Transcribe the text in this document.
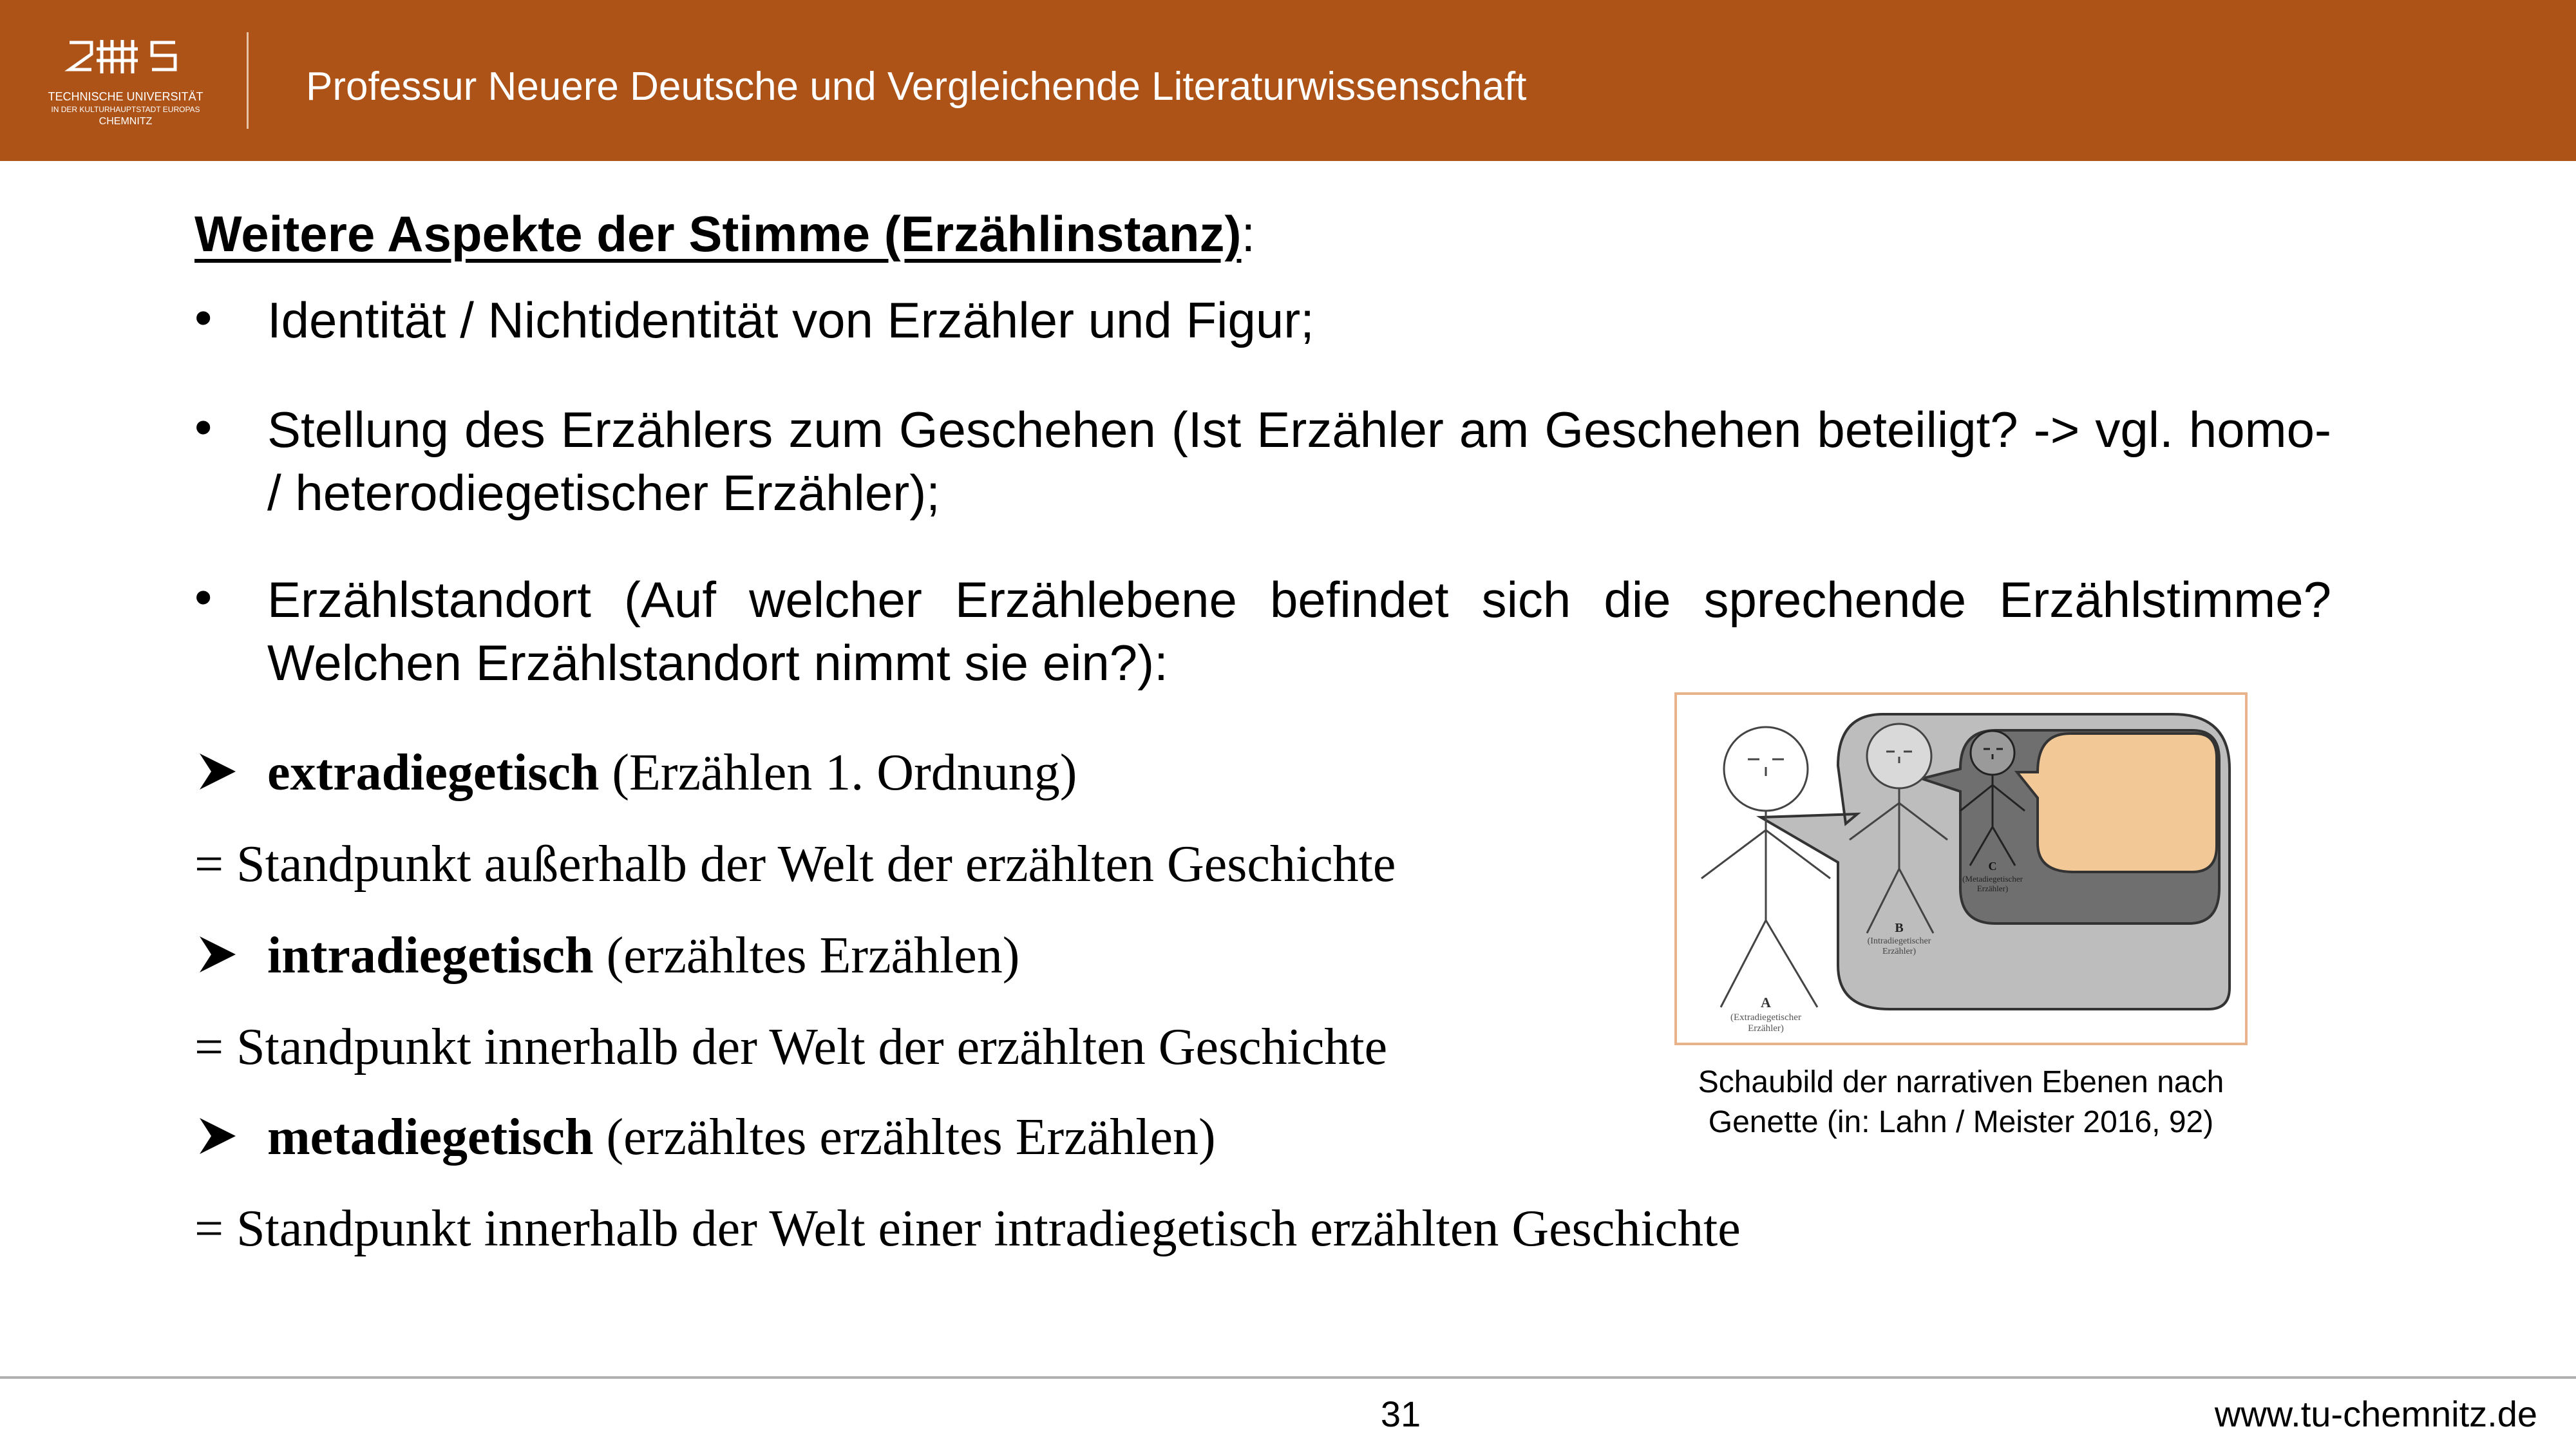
TECHNISCHE UNIVERSITÄT
IN DER KULTURHAUPTSTADT EUROPAS
CHEMNITZ
Professur Neuere Deutsche und Vergleichende Literaturwissenschaft
Weitere Aspekte der Stimme (Erzählinstanz):
• Identität / Nichtidentität von Erzähler und Figur;
• Stellung des Erzählers zum Geschehen (Ist Erzähler am Geschehen beteiligt? -> vgl. homo- / heterodiegetischer Erzähler);
• Erzählstandort (Auf welcher Erzählebene befindet sich die sprechende Erzählstimme? Welchen Erzählstandort nimmt sie ein?):
extradiegetisch (Erzählen 1. Ordnung)
= Standpunkt außerhalb der Welt der erzählten Geschichte
intradiegetisch (erzähltes Erzählen)
= Standpunkt innerhalb der Welt der erzählten Geschichte
metadiegetisch (erzähltes erzähltes Erzählen)
= Standpunkt innerhalb der Welt einer intradiegetisch erzählten Geschichte
A
(Extradiegetischer
Erzähler)
B
(Intradiegetischer
Erzähler)
C
(Metadiegetischer
Erzähler)
Schaubild der narrativen Ebenen nach Genette (in: Lahn / Meister 2016, 92)
31	www.tu-chemnitz.de
